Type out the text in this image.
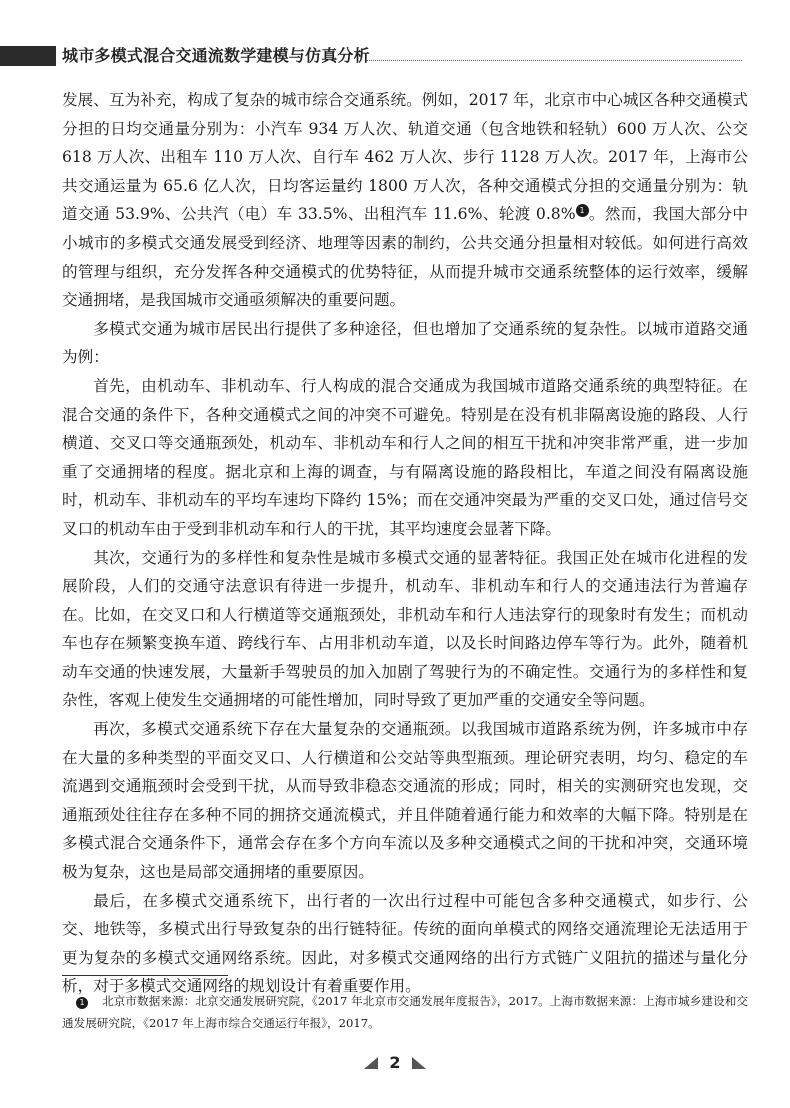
城市多模式混合交通流数学建模与仿真分析

发展、互为补充，构成了复杂的城市综合交通系统。例如，2017 年，北京市中心城区各种交通模式分担的日均交通量分别为：小汽车 934 万人次、轨道交通（包含地铁和轻轨）600 万人次、公交 618 万人次、出租车 110 万人次、自行车 462 万人次、步行 1128 万人次。2017 年，上海市公共交通运量为 65.6 亿人次，日均客运量约 1800 万人次，各种交通模式分担的交通量分别为：轨道交通 53.9%、公共汽（电）车 33.5%、出租汽车 11.6%、轮渡 0.8% 1 。然而，我国大部分中小城市的多模式交通发展受到经济、地理等因素的制约，公共交通分担量相对较低。如何进行高效的管理与组织，充分发挥各种交通模式的优势特征，从而提升城市交通系统整体的运行效率，缓解交通拥堵，是我国城市交通亟须解决的重要问题。

多模式交通为城市居民出行提供了多种途径，但也增加了交通系统的复杂性。以城市道路交通为例：

首先，由机动车、非机动车、行人构成的混合交通成为我国城市道路交通系统的典型特征。在混合交通的条件下，各种交通模式之间的冲突不可避免。特别是在没有机非隔离设施的路段、人行横道、交叉口等交通瓶颈处，机动车、非机动车和行人之间的相互干扰和冲突非常严重，进一步加重了交通拥堵的程度。据北京和上海的调查，与有隔离设施的路段相比，车道之间没有隔离设施时，机动车、非机动车的平均车速均下降约 15%；而在交通冲突最为严重的交叉口处，通过信号交叉口的机动车由于受到非机动车和行人的干扰，其平均速度会显著下降。

其次，交通行为的多样性和复杂性是城市多模式交通的显著特征。我国正处在城市化进程的发展阶段，人们的交通守法意识有待进一步提升，机动车、非机动车和行人的交通违法行为普遍存在。比如，在交叉口和人行横道等交通瓶颈处，非机动车和行人违法穿行的现象时有发生；而机动车也存在频繁变换车道、跨线行车、占用非机动车道，以及长时间路边停车等行为。此外，随着机动车交通的快速发展，大量新手驾驶员的加入加剧了驾驶行为的不确定性。交通行为的多样性和复杂性，客观上使发生交通拥堵的可能性增加，同时导致了更加严重的交通安全等问题。

再次，多模式交通系统下存在大量复杂的交通瓶颈。以我国城市道路系统为例，许多城市中存在大量的多种类型的平面交叉口、人行横道和公交站等典型瓶颈。理论研究表明，均匀、稳定的车流遇到交通瓶颈时会受到干扰，从而导致非稳态交通流的形成；同时，相关的实测研究也发现，交通瓶颈处往往存在多种不同的拥挤交通流模式，并且伴随着通行能力和效率的大幅下降。特别是在多模式混合交通条件下，通常会存在多个方向车流以及多种交通模式之间的干扰和冲突，交通环境极为复杂，这也是局部交通拥堵的重要原因。

最后，在多模式交通系统下，出行者的一次出行过程中可能包含多种交通模式，如步行、公交、地铁等，多模式出行导致复杂的出行链特征。传统的面向单模式的网络交通流理论无法适用于更为复杂的多模式交通网络系统。因此，对多模式交通网络的出行方式链广义阻抗的描述与量化分析，对于多模式交通网络的规划设计有着重要作用。

1 北京市数据来源：北京交通发展研究院，《2017 年北京市交通发展年度报告》，2017。上海市数据来源：上海市城乡建设和交通发展研究院，《2017 年上海市综合交通运行年报》，2017。
2
